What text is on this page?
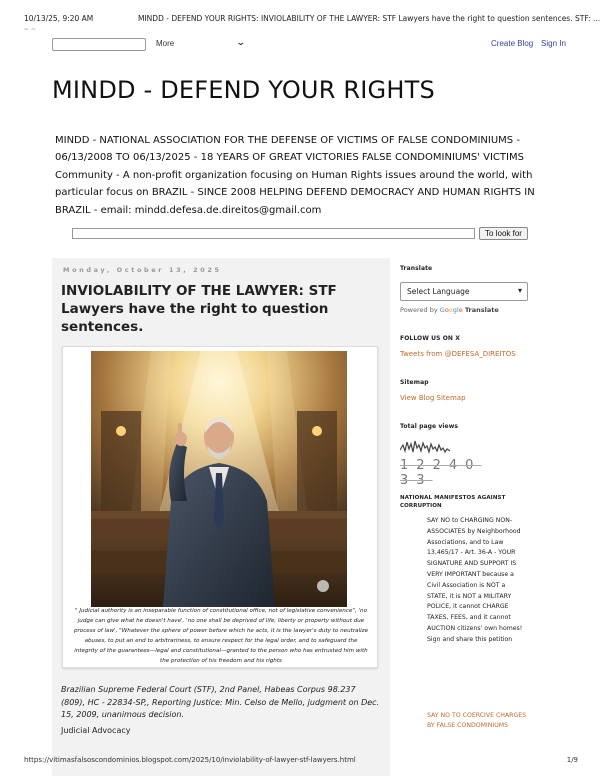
10/13/25, 9:20 AM	MINDD - DEFEND YOUR RIGHTS: INVIOLABILITY OF THE LAWYER: STF Lawyers have the right to question sentences. STF: ...
~ ~
More	⌄	Create Blog Sign In
MINDD - DEFEND YOUR RIGHTS

MINDD - NATIONAL ASSOCIATION FOR THE DEFENSE OF VICTIMS OF FALSE CONDOMINIUMS - 06/13/2008 TO 06/13/2025 - 18 YEARS OF GREAT VICTORIES FALSE CONDOMINIUMS' VICTIMS Community - A non-profit organization focusing on Human Rights issues around the world, with particular focus on BRAZIL - SINCE 2008 HELPING DEFEND DEMOCRACY AND HUMAN RIGHTS IN BRAZIL - email: mindd.defesa.de.direitos@gmail.com

To look for
Monday, October 13, 2025
INVIOLABILITY OF THE LAWYER: STF Lawyers have the right to question sentences.

" Judicial authority is an inseparable function of constitutional office, not of legislative convenience", 'no judge can give what he doesn't have', 'no one shall be deprived of life, liberty or property without due process of law', "Whatever the sphere of power before which he acts, it is the lawyer's duty to neutralize abuses, to put an end to arbitrariness, to ensure respect for the legal order, and to safeguard the integrity of the guarantees—legal and constitutional—granted to the person who has entrusted him with the protection of his freedom and his rights

Brazilian Supreme Federal Court (STF), 2nd Panel, Habeas Corpus 98.237 (809), HC - 22834-SP,, Reporting Justice: Min. Celso de Mello, judgment on Dec. 15, 2009, unanimous decision.

Judicial Advocacy

Translate
Select Language	▾
Powered by Google Translate
FOLLOW US ON X
Tweets from @DEFESA_DIREITOS
Sitemap
View Blog Sitemap
Total page views
12240
33
NATIONAL MANIFESTOS AGAINST CORRUPTION
SAY NO to CHARGING NON-ASSOCIATES by Neighborhood Associations, and to Law 13,465/17 - Art. 36-A - YOUR SIGNATURE AND SUPPORT IS VERY IMPORTANT because a Civil Association is NOT a STATE, it is NOT a MILITARY POLICE, it cannot CHARGE TAXES, FEES, and it cannot AUCTION citizens' own homes! Sign and share this petition
SAY NO TO COERCIVE CHARGES BY FALSE CONDOMINIUMS
https://vitimasfalsoscondominios.blogspot.com/2025/10/inviolability-of-lawyer-stf-lawyers.html	1/9
